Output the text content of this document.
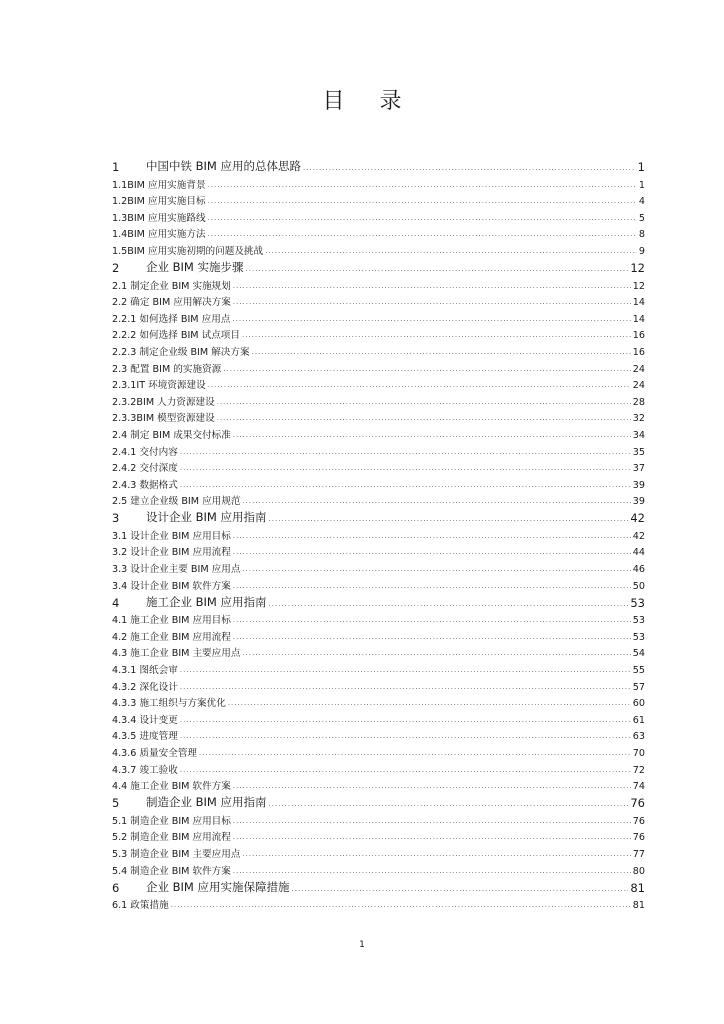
目 录
1	中国中铁 BIM 应用的总体思路 .....	1
1.1BIM 应用实施背景 .....	1
1.2BIM 应用实施目标 .....	4
1.3BIM 应用实施路线 .....	5
1.4BIM 应用实施方法 .....	8
1.5BIM 应用实施初期的问题及挑战 .....	9
2	企业 BIM 实施步骤 .....	12
2.1 制定企业 BIM 实施规划 .....	12
2.2 确定 BIM 应用解决方案 .....	14
2.2.1 如何选择 BIM 应用点 .....	14
2.2.2 如何选择 BIM 试点项目 .....	16
2.2.3 制定企业级 BIM 解决方案 .....	16
2.3 配置 BIM 的实施资源 .....	24
2.3.1IT 环境资源建设 .....	24
2.3.2BIM 人力资源建设 .....	28
2.3.3BIM 模型资源建设 .....	32
2.4 制定 BIM 成果交付标准 .....	34
2.4.1 交付内容 .....	35
2.4.2 交付深度 .....	37
2.4.3 数据格式 .....	39
2.5 建立企业级 BIM 应用规范 .....	39
3	设计企业 BIM 应用指南 .....	42
3.1 设计企业 BIM 应用目标 .....	42
3.2 设计企业 BIM 应用流程 .....	44
3.3 设计企业主要 BIM 应用点 .....	46
3.4 设计企业 BIM 软件方案 .....	50
4	施工企业 BIM 应用指南 .....	53
4.1 施工企业 BIM 应用目标 .....	53
4.2 施工企业 BIM 应用流程 .....	53
4.3 施工企业 BIM 主要应用点 .....	54
4.3.1 图纸会审 .....	55
4.3.2 深化设计 .....	57
4.3.3 施工组织与方案优化 .....	60
4.3.4 设计变更 .....	61
4.3.5 进度管理 .....	63
4.3.6 质量安全管理 .....	70
4.3.7 竣工验收 .....	72
4.4 施工企业 BIM 软件方案 .....	74
5	制造企业 BIM 应用指南 .....	76
5.1 制造企业 BIM 应用目标 .....	76
5.2 制造企业 BIM 应用流程 .....	76
5.3 制造企业 BIM 主要应用点 .....	77
5.4 制造企业 BIM 软件方案 .....	80
6	企业 BIM 应用实施保障措施 .....	81
6.1 政策措施 .....	81
1
